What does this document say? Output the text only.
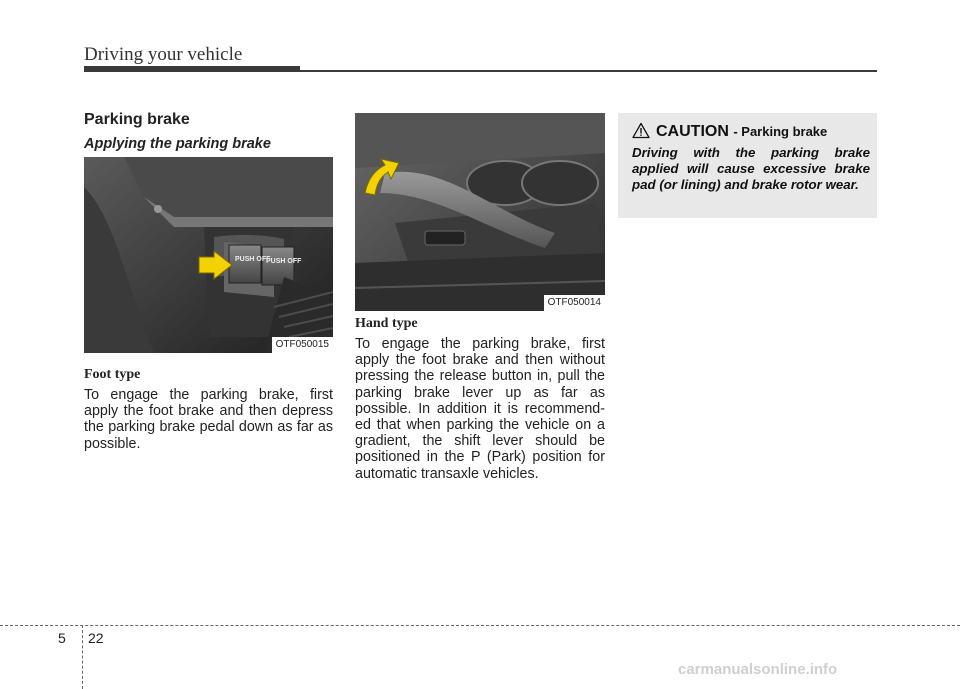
Driving your vehicle
Parking brake
Applying the parking brake
PUSH OFF
PUSH OFF
OTF050015

Foot type

To engage the parking brake, first apply the foot brake and then depress the parking brake pedal down as far as possible.

OTF050014

Hand type

To engage the parking brake, first apply the foot brake and then without pressing the release button in, pull the parking brake lever up as far as possible. In addition it is recommend-ed that when parking the vehicle on a gradient, the shift lever should be positioned in the P (Park) position for automatic transaxle vehicles.

CAUTION - Parking brake

Driving with the parking brake applied will cause excessive brake pad (or lining) and brake rotor wear.

5 22

carmanualsonline.info
